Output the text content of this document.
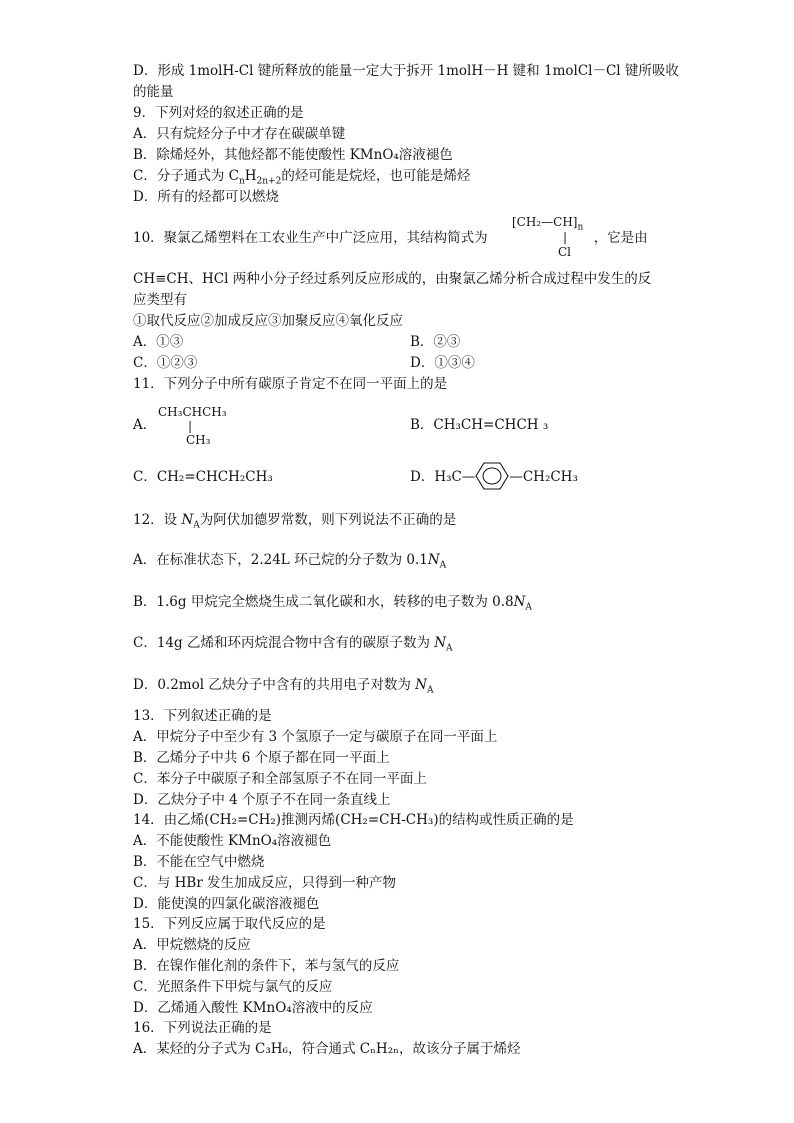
D．形成 1molH-Cl 键所释放的能量一定大于拆开 1molH－H 键和 1molCl－Cl 键所吸收
的能量
9．下列对烃的叙述正确的是
A．只有烷烃分子中才存在碳碳单键
B．除烯烃外，其他烃都不能使酸性 KMnO₄溶液褪色
C．分子通式为 $C_nH_{2n+2}$的烃可能是烷烃，也可能是烯烃
D．所有的烃都可以燃烧
10．聚氯乙烯塑料在工农业生产中广泛应用，其结构简式为	，它是由
$[CH_2—CH]_n$
|
Cl
CH≡CH、HCl 两种小分子经过系列反应形成的，由聚氯乙烯分析合成过程中发生的反
应类型有
①取代反应②加成反应③加聚反应④氧化反应
A．①③	B．②③
C．①②③	D．①③④
11．下列分子中所有碳原子肯定不在同一平面上的是
A．
CH₃CHCH₃
|
CH₃
B．CH₃CH=CHCH ₃
C．CH₂=CHCH₂CH₃	D．H₃C—	—CH₂CH₃
12．设 $N_A$为阿伏加德罗常数，则下列说法不正确的是
A．在标准状态下，2.24L 环己烷的分子数为 $0.1N_A$
B．1.6g 甲烷完全燃烧生成二氧化碳和水，转移的电子数为 $0.8N_A$
C．14g 乙烯和环丙烷混合物中含有的碳原子数为 $N_A$
D．0.2mol 乙炔分子中含有的共用电子对数为 $N_A$
13．下列叙述正确的是
A．甲烷分子中至少有 3 个氢原子一定与碳原子在同一平面上
B．乙烯分子中共 6 个原子都在同一平面上
C．苯分子中碳原子和全部氢原子不在同一平面上
D．乙炔分子中 4 个原子不在同一条直线上
14．由乙烯(CH₂=CH₂)推测丙烯(CH₂=CH-CH₃)的结构或性质正确的是
A．不能使酸性 KMnO₄溶液褪色
B．不能在空气中燃烧
C．与 HBr 发生加成反应，只得到一种产物
D．能使溴的四氯化碳溶液褪色
15．下列反应属于取代反应的是
A．甲烷燃烧的反应
B．在镍作催化剂的条件下，苯与氢气的反应
C．光照条件下甲烷与氯气的反应
D．乙烯通入酸性 KMnO₄溶液中的反应
16．下列说法正确的是
A．某烃的分子式为 C₃H₆，符合通式 CₙH₂ₙ，故该分子属于烯烃
